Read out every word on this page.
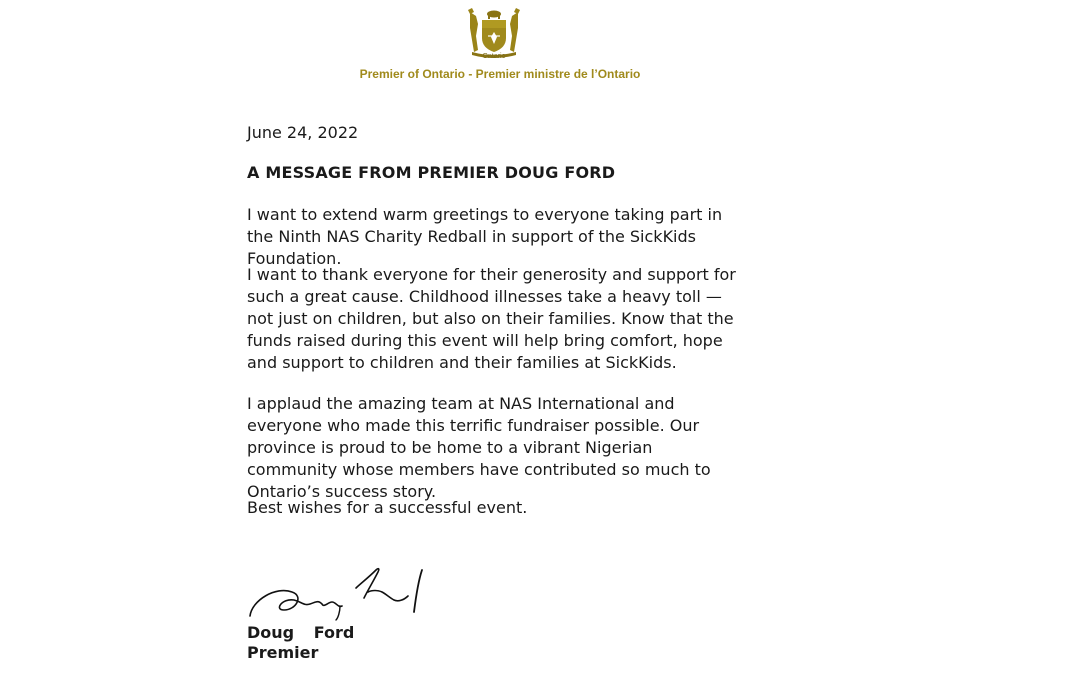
Ontario
Premier of Ontario - Premier ministre de l’Ontario

June 24, 2022

A MESSAGE FROM PREMIER DOUG FORD

I want to extend warm greetings to everyone taking part in the Ninth NAS Charity Redball in support of the SickKids Foundation.

I want to thank everyone for their generosity and support for such a great cause. Childhood illnesses take a heavy toll — not just on children, but also on their families. Know that the funds raised during this event will help bring comfort, hope and support to children and their families at SickKids.

I applaud the amazing team at NAS International and everyone who made this terrific fundraiser possible. Our province is proud to be home to a vibrant Nigerian community whose members have contributed so much to Ontario’s success story.

Best wishes for a successful event.

Doug Ford

Premier
